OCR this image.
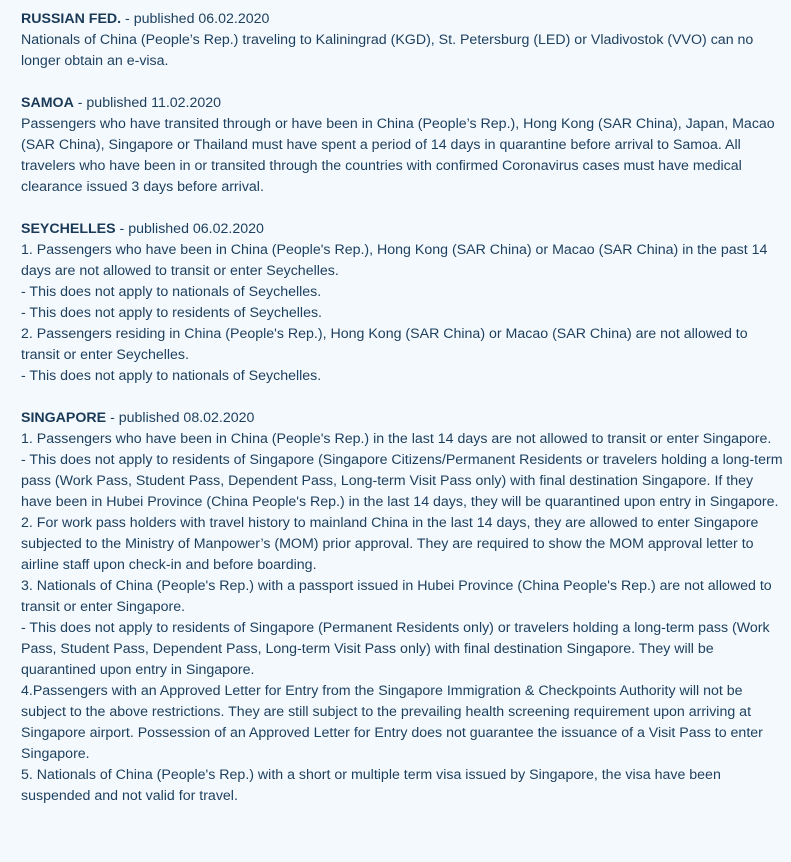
RUSSIAN FED. - published 06.02.2020
Nationals of China (People’s Rep.) traveling to Kaliningrad (KGD), St. Petersburg (LED) or Vladivostok (VVO) can no longer obtain an e-visa.
SAMOA - published 11.02.2020
Passengers who have transited through or have been in China (People’s Rep.), Hong Kong (SAR China), Japan, Macao (SAR China), Singapore or Thailand must have spent a period of 14 days in quarantine before arrival to Samoa. All travelers who have been in or transited through the countries with confirmed Coronavirus cases must have medical clearance issued 3 days before arrival.
SEYCHELLES - published 06.02.2020
1. Passengers who have been in China (People's Rep.), Hong Kong (SAR China) or Macao (SAR China) in the past 14 days are not allowed to transit or enter Seychelles.
- This does not apply to nationals of Seychelles.
- This does not apply to residents of Seychelles.
2. Passengers residing in China (People's Rep.), Hong Kong (SAR China) or Macao (SAR China) are not allowed to transit or enter Seychelles.
- This does not apply to nationals of Seychelles.
SINGAPORE - published 08.02.2020
1. Passengers who have been in China (People's Rep.) in the last 14 days are not allowed to transit or enter Singapore.
- This does not apply to residents of Singapore (Singapore Citizens/Permanent Residents or travelers holding a long-term pass (Work Pass, Student Pass, Dependent Pass, Long-term Visit Pass only) with final destination Singapore. If they have been in Hubei Province (China People's Rep.) in the last 14 days, they will be quarantined upon entry in Singapore.
2. For work pass holders with travel history to mainland China in the last 14 days, they are allowed to enter Singapore subjected to the Ministry of Manpower’s (MOM) prior approval. They are required to show the MOM approval letter to airline staff upon check-in and before boarding.
3. Nationals of China (People's Rep.) with a passport issued in Hubei Province (China People's Rep.) are not allowed to transit or enter Singapore.
- This does not apply to residents of Singapore (Permanent Residents only) or travelers holding a long-term pass (Work Pass, Student Pass, Dependent Pass, Long-term Visit Pass only) with final destination Singapore. They will be quarantined upon entry in Singapore.
4.Passengers with an Approved Letter for Entry from the Singapore Immigration & Checkpoints Authority will not be subject to the above restrictions. They are still subject to the prevailing health screening requirement upon arriving at Singapore airport. Possession of an Approved Letter for Entry does not guarantee the issuance of a Visit Pass to enter Singapore.
5. Nationals of China (People's Rep.) with a short or multiple term visa issued by Singapore, the visa have been suspended and not valid for travel.
